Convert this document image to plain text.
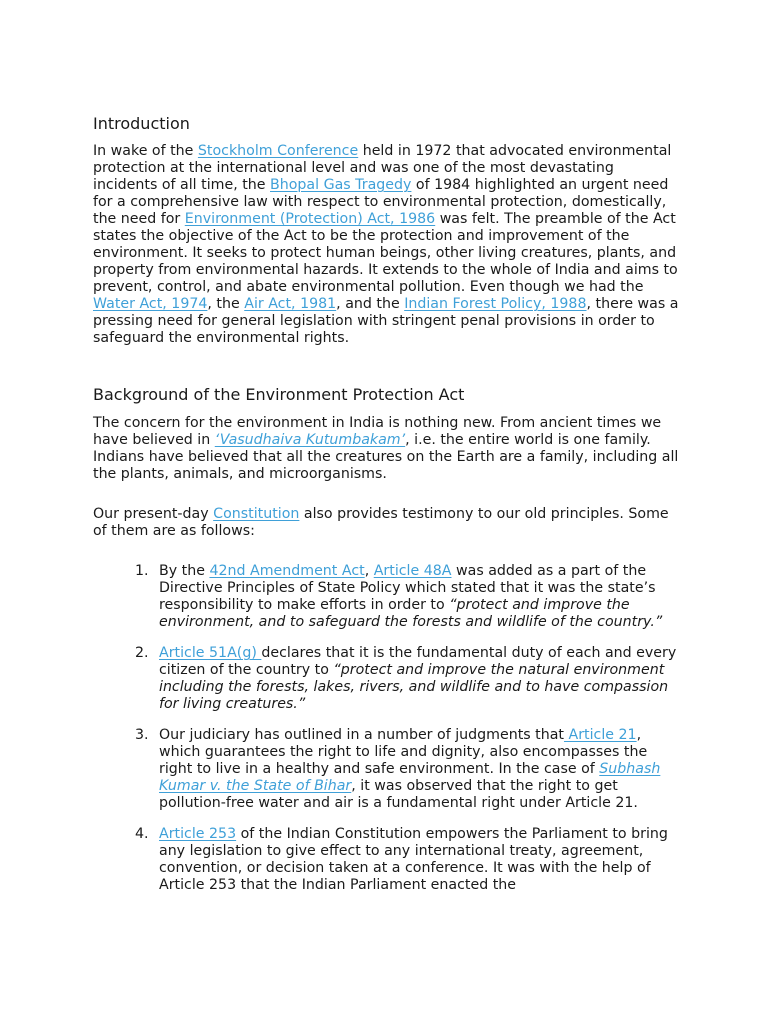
Introduction

In wake of the Stockholm Conference held in 1972 that advocated environmental protection at the international level and was one of the most devastating incidents of all time, the Bhopal Gas Tragedy of 1984 highlighted an urgent need for a comprehensive law with respect to environmental protection, domestically, the need for Environment (Protection) Act, 1986 was felt. The preamble of the Act states the objective of the Act to be the protection and improvement of the environment. It seeks to protect human beings, other living creatures, plants, and property from environmental hazards. It extends to the whole of India and aims to prevent, control, and abate environmental pollution. Even though we had the Water Act, 1974, the Air Act, 1981, and the Indian Forest Policy, 1988, there was a pressing need for general legislation with stringent penal provisions in order to safeguard the environmental rights.

Background of the Environment Protection Act

The concern for the environment in India is nothing new. From ancient times we have believed in ‘Vasudhaiva Kutumbakam’, i.e. the entire world is one family. Indians have believed that all the creatures on the Earth are a family, including all the plants, animals, and microorganisms.

Our present-day Constitution also provides testimony to our old principles. Some of them are as follows:

1. By the 42nd Amendment Act, Article 48A was added as a part of the Directive Principles of State Policy which stated that it was the state’s responsibility to make efforts in order to “protect and improve the environment, and to safeguard the forests and wildlife of the country.”
2. Article 51A(g) declares that it is the fundamental duty of each and every citizen of the country to “protect and improve the natural environment including the forests, lakes, rivers, and wildlife and to have compassion for living creatures.”
3. Our judiciary has outlined in a number of judgments that Article 21, which guarantees the right to life and dignity, also encompasses the right to live in a healthy and safe environment. In the case of Subhash Kumar v. the State of Bihar, it was observed that the right to get pollution-free water and air is a fundamental right under Article 21.
4. Article 253 of the Indian Constitution empowers the Parliament to bring any legislation to give effect to any international treaty, agreement, convention, or decision taken at a conference. It was with the help of Article 253 that the Indian Parliament enacted the
